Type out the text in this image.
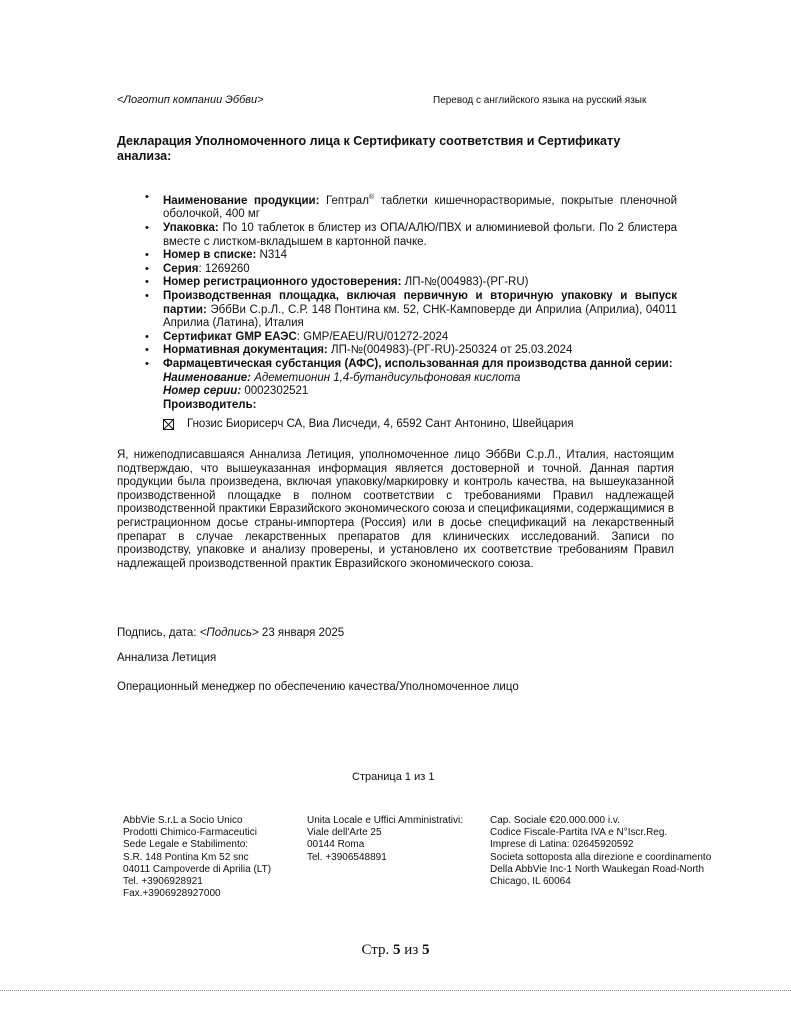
<Логотип компании Эббви>	Перевод с английского языка на русский язык
Декларация Уполномоченного лица к Сертификату соответствия и Сертификату анализа:
• Наименование продукции: Гептрал® таблетки кишечнорастворимые, покрытые пленочной оболочкой, 400 мг
• Упаковка: По 10 таблеток в блистер из ОПА/АЛЮ/ПВХ и алюминиевой фольги. По 2 блистера вместе с листком-вкладышем в картонной пачке.
• Номер в списке: N314
• Серия: 1269260
• Номер регистрационного удостоверения: ЛП-№(004983)-(РГ-RU)
• Производственная площадка, включая первичную и вторичную упаковку и выпуск партии: ЭббВи С.р.Л., С.Р. 148 Понтина км. 52, СНК-Камповерде ди Априлиа (Априлиа), 04011 Априлиа (Латина), Италия
• Сертификат GMP ЕАЭС: GMP/EAEU/RU/01272-2024
• Нормативная документация: ЛП-№(004983)-(РГ-RU)-250324 от 25.03.2024
• Фармацевтическая субстанция (АФС), использованная для производства данной серии:
Наименование: Адеметионин 1,4-бутандисульфоновая кислота
Номер серии: 0002302521
Производитель:
Гнозис Биорисерч СА, Виа Лисчеди, 4, 6592 Сант Антонино, Швейцария
Я, нижеподписавшаяся Аннализа Летиция, уполномоченное лицо ЭббВи С.р.Л., Италия, настоящим подтверждаю, что вышеуказанная информация является достоверной и точной. Данная партия продукции была произведена, включая упаковку/маркировку и контроль качества, на вышеуказанной производственной площадке в полном соответствии с требованиями Правил надлежащей производственной практики Евразийского экономического союза и спецификациями, содержащимися в регистрационном досье страны-импортера (Россия) или в досье спецификаций на лекарственный препарат в случае лекарственных препаратов для клинических исследований. Записи по производству, упаковке и анализу проверены, и установлено их соответствие требованиям Правил надлежащей производственной практик Евразийского экономического союза.
Подпись, дата: <Подпись> 23 января 2025
Аннализа Летиция
Операционный менеджер по обеспечению качества/Уполномоченное лицо
Страница 1 из 1
AbbVie S.r.L a Socio Unico
Prodotti Chimico-Farmaceutici
Sede Legale e Stabilimento:
S.R. 148 Pontina Km 52 snc
04011 Campoverde di Aprilia (LT)
Tel. +3906928921
Fax.+3906928927000
Unita Locale e Uffici Amministrativi:
Viale dell'Arte 25
00144 Roma
Tel. +3906548891
Cap. Sociale €20.000.000 i.v.
Codice Fiscale-Partita IVA e N°Iscr.Reg.
Imprese di Latina: 02645920592
Societa sottoposta alla direzione e coordinamento
Della AbbVie Inc-1 North Waukegan Road-North
Chicago, IL 60064
Стр. 5 из 5
